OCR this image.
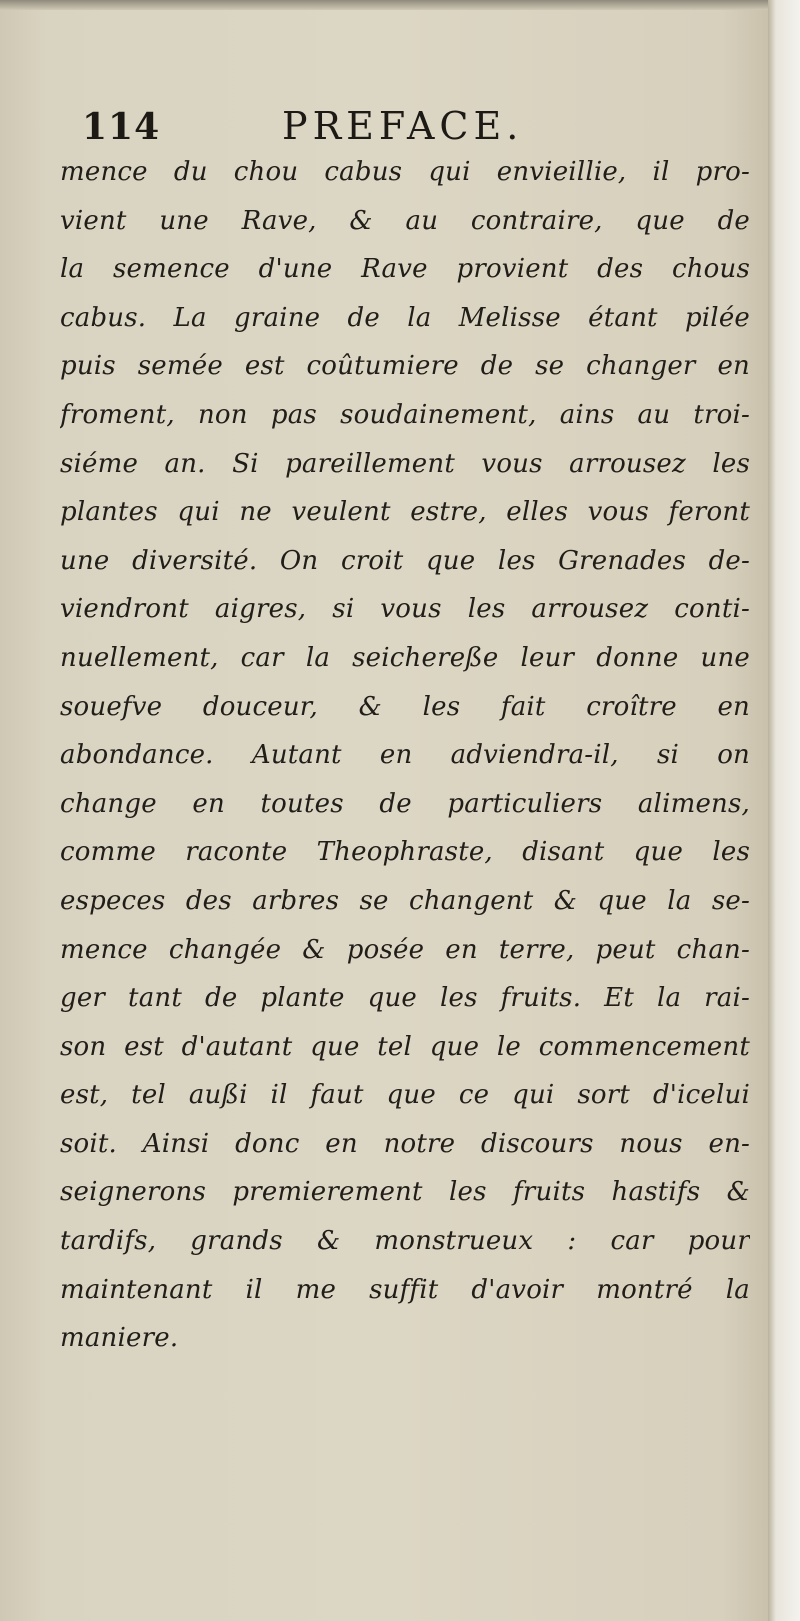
114	PREFACE.
mence du chou cabus qui envieillie, il pro-
vient une Rave, & au contraire, que de
la semence d'une Rave provient des chous
cabus. La graine de la Melisse étant pilée
puis semée est coûtumiere de se changer en
froment, non pas soudainement, ains au troi-
siéme an. Si pareillement vous arrousez les
plantes qui ne veulent estre, elles vous feront
une diversité. On croit que les Grenades de-
viendront aigres, si vous les arrousez conti-
nuellement, car la seichereße leur donne une
souefve douceur, & les fait croître en
abondance. Autant en adviendra-il, si on
change en toutes de particuliers alimens,
comme raconte Theophraste, disant que les
especes des arbres se changent & que la se-
mence changée & posée en terre, peut chan-
ger tant de plante que les fruits. Et la rai-
son est d'autant que tel que le commencement
est, tel außi il faut que ce qui sort d'icelui
soit. Ainsi donc en notre discours nous en-
seignerons premierement les fruits hastifs &
tardifs, grands & monstrueux : car pour
maintenant il me suffit d'avoir montré la
maniere.
